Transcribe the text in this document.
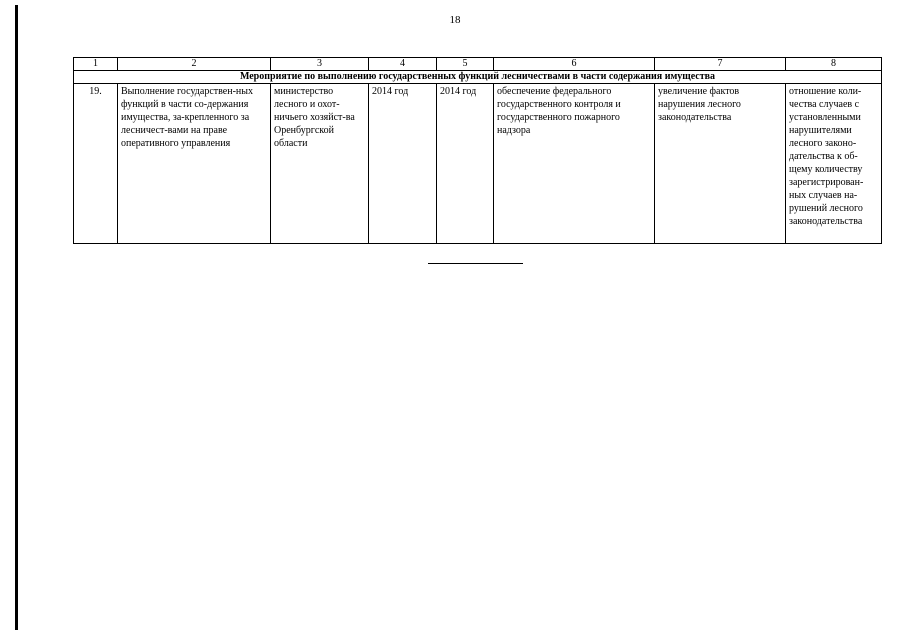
18
1	2	3	4	5	6	7	8
Мероприятие по выполнению государственных функций лесничествами в части содержания имущества							
19.	Выполнение государствен-ных функций в части со-держания имущества, за-крепленного за лесничест-вами на праве оперативного управления	министерство лесного и охот-ничьего хозяйст-ва Оренбургской области	2014 год	2014 год	обеспечение федерального государственного контроля и государственного пожарного надзора	увеличение фактов нарушения лесного законодательства	отношение коли-чества случаев с установленными нарушителями лесного законо-дательства к об-щему количеству зарегистрирован-ных случаев на-рушений лесного законодательства
